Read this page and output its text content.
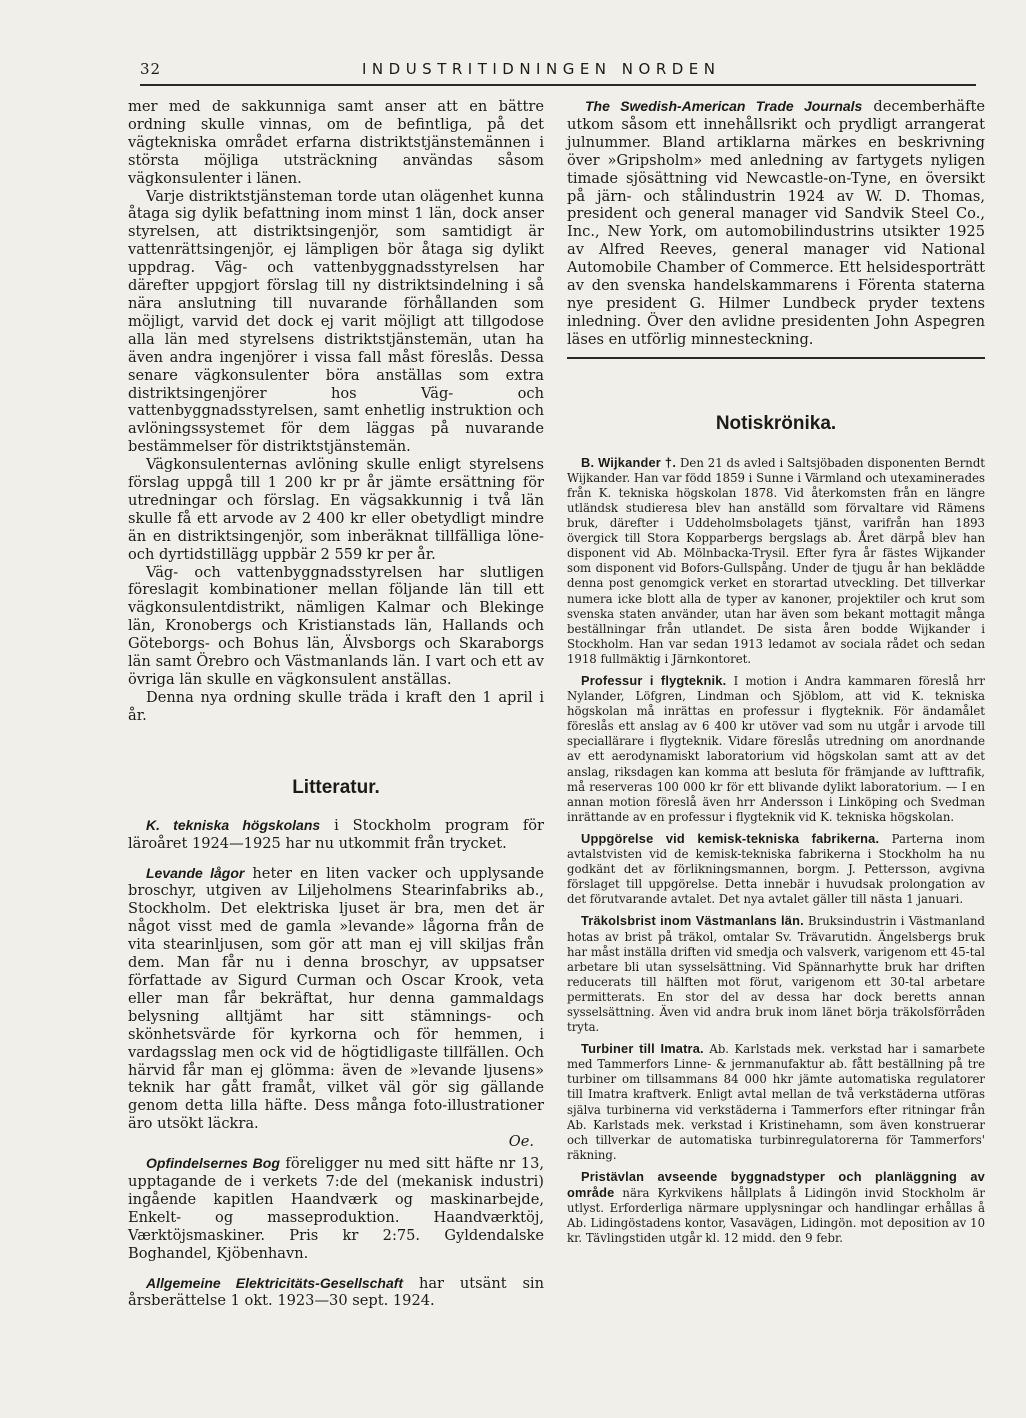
32	INDUSTRITIDNINGEN NORDEN

mer med de sakkunniga samt anser att en bättre ordning skulle vinnas, om de befintliga, på det vägtekniska området erfarna distriktstjänstemännen i största möjliga utsträckning användas såsom vägkonsulenter i länen.

Varje distriktstjänsteman torde utan olägenhet kunna åtaga sig dylik befattning inom minst 1 län, dock anser styrelsen, att distriktsingenjör, som samtidigt är vattenrättsingenjör, ej lämpligen bör åtaga sig dylikt uppdrag. Väg- och vattenbyggnadsstyrelsen har därefter uppgjort förslag till ny distriktsindelning i så nära anslutning till nuvarande förhållanden som möjligt, varvid det dock ej varit möjligt att tillgodose alla län med styrelsens distriktstjänstemän, utan ha även andra ingenjörer i vissa fall måst föreslås. Dessa senare vägkonsulenter böra anställas som extra distriktsingenjörer hos Väg- och vattenbyggnadsstyrelsen, samt enhetlig instruktion och avlöningssystemet för dem läggas på nuvarande bestämmelser för distriktstjänstemän.

Vägkonsulenternas avlöning skulle enligt styrelsens förslag uppgå till 1 200 kr pr år jämte ersättning för utredningar och förslag. En vägsakkunnig i två län skulle få ett arvode av 2 400 kr eller obetydligt mindre än en distriktsingenjör, som inberäknat tillfälliga löne- och dyrtidstillägg uppbär 2 559 kr per år.

Väg- och vattenbyggnadsstyrelsen har slutligen föreslagit kombinationer mellan följande län till ett vägkonsulentdistrikt, nämligen Kalmar och Blekinge län, Kronobergs och Kristianstads län, Hallands och Göteborgs- och Bohus län, Älvsborgs och Skaraborgs län samt Örebro och Västmanlands län. I vart och ett av övriga län skulle en vägkonsulent anställas.

Denna nya ordning skulle träda i kraft den 1 april i år.

Litteratur.

K. tekniska högskolans i Stockholm program för läroåret 1924—1925 har nu utkommit från trycket.

Levande lågor heter en liten vacker och upplysande broschyr, utgiven av Liljeholmens Stearinfabriks ab., Stockholm. Det elektriska ljuset är bra, men det är något visst med de gamla »levande» lågorna från de vita stearinljusen, som gör att man ej vill skiljas från dem. Man får nu i denna broschyr, av uppsatser författade av Sigurd Curman och Oscar Krook, veta eller man får bekräftat, hur denna gammaldags belysning alltjämt har sitt stämnings- och skönhetsvärde för kyrkorna och för hemmen, i vardagsslag men ock vid de högtidligaste tillfällen. Och härvid får man ej glömma: även de »levande ljusens» teknik har gått framåt, vilket väl gör sig gällande genom detta lilla häfte. Dess många foto-illustrationer äro utsökt läckra.

Oe.

Opfindelsernes Bog föreligger nu med sitt häfte nr 13, upptagande de i verkets 7:de del (mekanisk industri) ingående kapitlen Haandværk og maskinarbejde, Enkelt- og masseproduktion. Haandværktöj, Værktöjsmaskiner. Pris kr 2:75. Gyldendalske Boghandel, Kjöbenhavn.

Allgemeine Elektricitäts-Gesellschaft har utsänt sin årsberättelse 1 okt. 1923—30 sept. 1924.

The Swedish-American Trade Journals decemberhäfte utkom såsom ett innehållsrikt och prydligt arrangerat julnummer. Bland artiklarna märkes en beskrivning över »Gripsholm» med anledning av fartygets nyligen timade sjösättning vid Newcastle-on-Tyne, en översikt på järn- och stålindustrin 1924 av W. D. Thomas, president och general manager vid Sandvik Steel Co., Inc., New York, om automobilindustrins utsikter 1925 av Alfred Reeves, general manager vid National Automobile Chamber of Commerce. Ett helsidesporträtt av den svenska handelskammarens i Förenta staterna nye president G. Hilmer Lundbeck pryder textens inledning. Över den avlidne presidenten John Aspegren läses en utförlig minnesteckning.

Notiskrönika.

B. Wijkander †. Den 21 ds avled i Saltsjöbaden disponenten Berndt Wijkander. Han var född 1859 i Sunne i Värmland och utexaminerades från K. tekniska högskolan 1878. Vid återkomsten från en längre utländsk studieresa blev han anställd som förvaltare vid Rämens bruk, därefter i Uddeholmsbolagets tjänst, varifrån han 1893 övergick till Stora Kopparbergs bergslags ab. Året därpå blev han disponent vid Ab. Mölnbacka-Trysil. Efter fyra år fästes Wijkander som disponent vid Bofors-Gullspång. Under de tjugu år han beklädde denna post genomgick verket en storartad utveckling. Det tillverkar numera icke blott alla de typer av kanoner, projektiler och krut som svenska staten använder, utan har även som bekant mottagit många beställningar från utlandet. De sista åren bodde Wijkander i Stockholm. Han var sedan 1913 ledamot av sociala rådet och sedan 1918 fullmäktig i Järnkontoret.

Professur i flygteknik. I motion i Andra kammaren föreslå hrr Nylander, Löfgren, Lindman och Sjöblom, att vid K. tekniska högskolan må inrättas en professur i flygteknik. För ändamålet föreslås ett anslag av 6 400 kr utöver vad som nu utgår i arvode till speciallärare i flygteknik. Vidare föreslås utredning om anordnande av ett aerodynamiskt laboratorium vid högskolan samt att av det anslag, riksdagen kan komma att besluta för främjande av lufttrafik, må reserveras 100 000 kr för ett blivande dylikt laboratorium. — I en annan motion föreslå även hrr Andersson i Linköping och Svedman inrättande av en professur i flygteknik vid K. tekniska högskolan.

Uppgörelse vid kemisk-tekniska fabrikerna. Parterna inom avtalstvisten vid de kemisk-tekniska fabrikerna i Stockholm ha nu godkänt det av förlikningsmannen, borgm. J. Pettersson, avgivna förslaget till uppgörelse. Detta innebär i huvudsak prolongation av det förutvarande avtalet. Det nya avtalet gäller till nästa 1 januari.

Träkolsbrist inom Västmanlans län. Bruksindustrin i Västmanland hotas av brist på träkol, omtalar Sv. Trävarutidn. Ängelsbergs bruk har måst inställa driften vid smedja och valsverk, varigenom ett 45-tal arbetare bli utan sysselsättning. Vid Spännarhytte bruk har driften reducerats till hälften mot förut, varigenom ett 30-tal arbetare permitterats. En stor del av dessa har dock beretts annan sysselsättning. Även vid andra bruk inom länet börja träkolsförråden tryta.

Turbiner till Imatra. Ab. Karlstads mek. verkstad har i samarbete med Tammerfors Linne- & jernmanufaktur ab. fått beställning på tre turbiner om tillsammans 84 000 hkr jämte automatiska regulatorer till Imatra kraftverk. Enligt avtal mellan de två verkstäderna utföras själva turbinerna vid verkstäderna i Tammerfors efter ritningar från Ab. Karlstads mek. verkstad i Kristinehamn, som även konstruerar och tillverkar de automatiska turbinregulatorerna för Tammerfors' räkning.

Pristävlan avseende byggnadstyper och planläggning av område nära Kyrkvikens hållplats å Lidingön invid Stockholm är utlyst. Erforderliga närmare upplysningar och handlingar erhållas å Ab. Lidingöstadens kontor, Vasavägen, Lidingön. mot deposition av 10 kr. Tävlingstiden utgår kl. 12 midd. den 9 febr.
